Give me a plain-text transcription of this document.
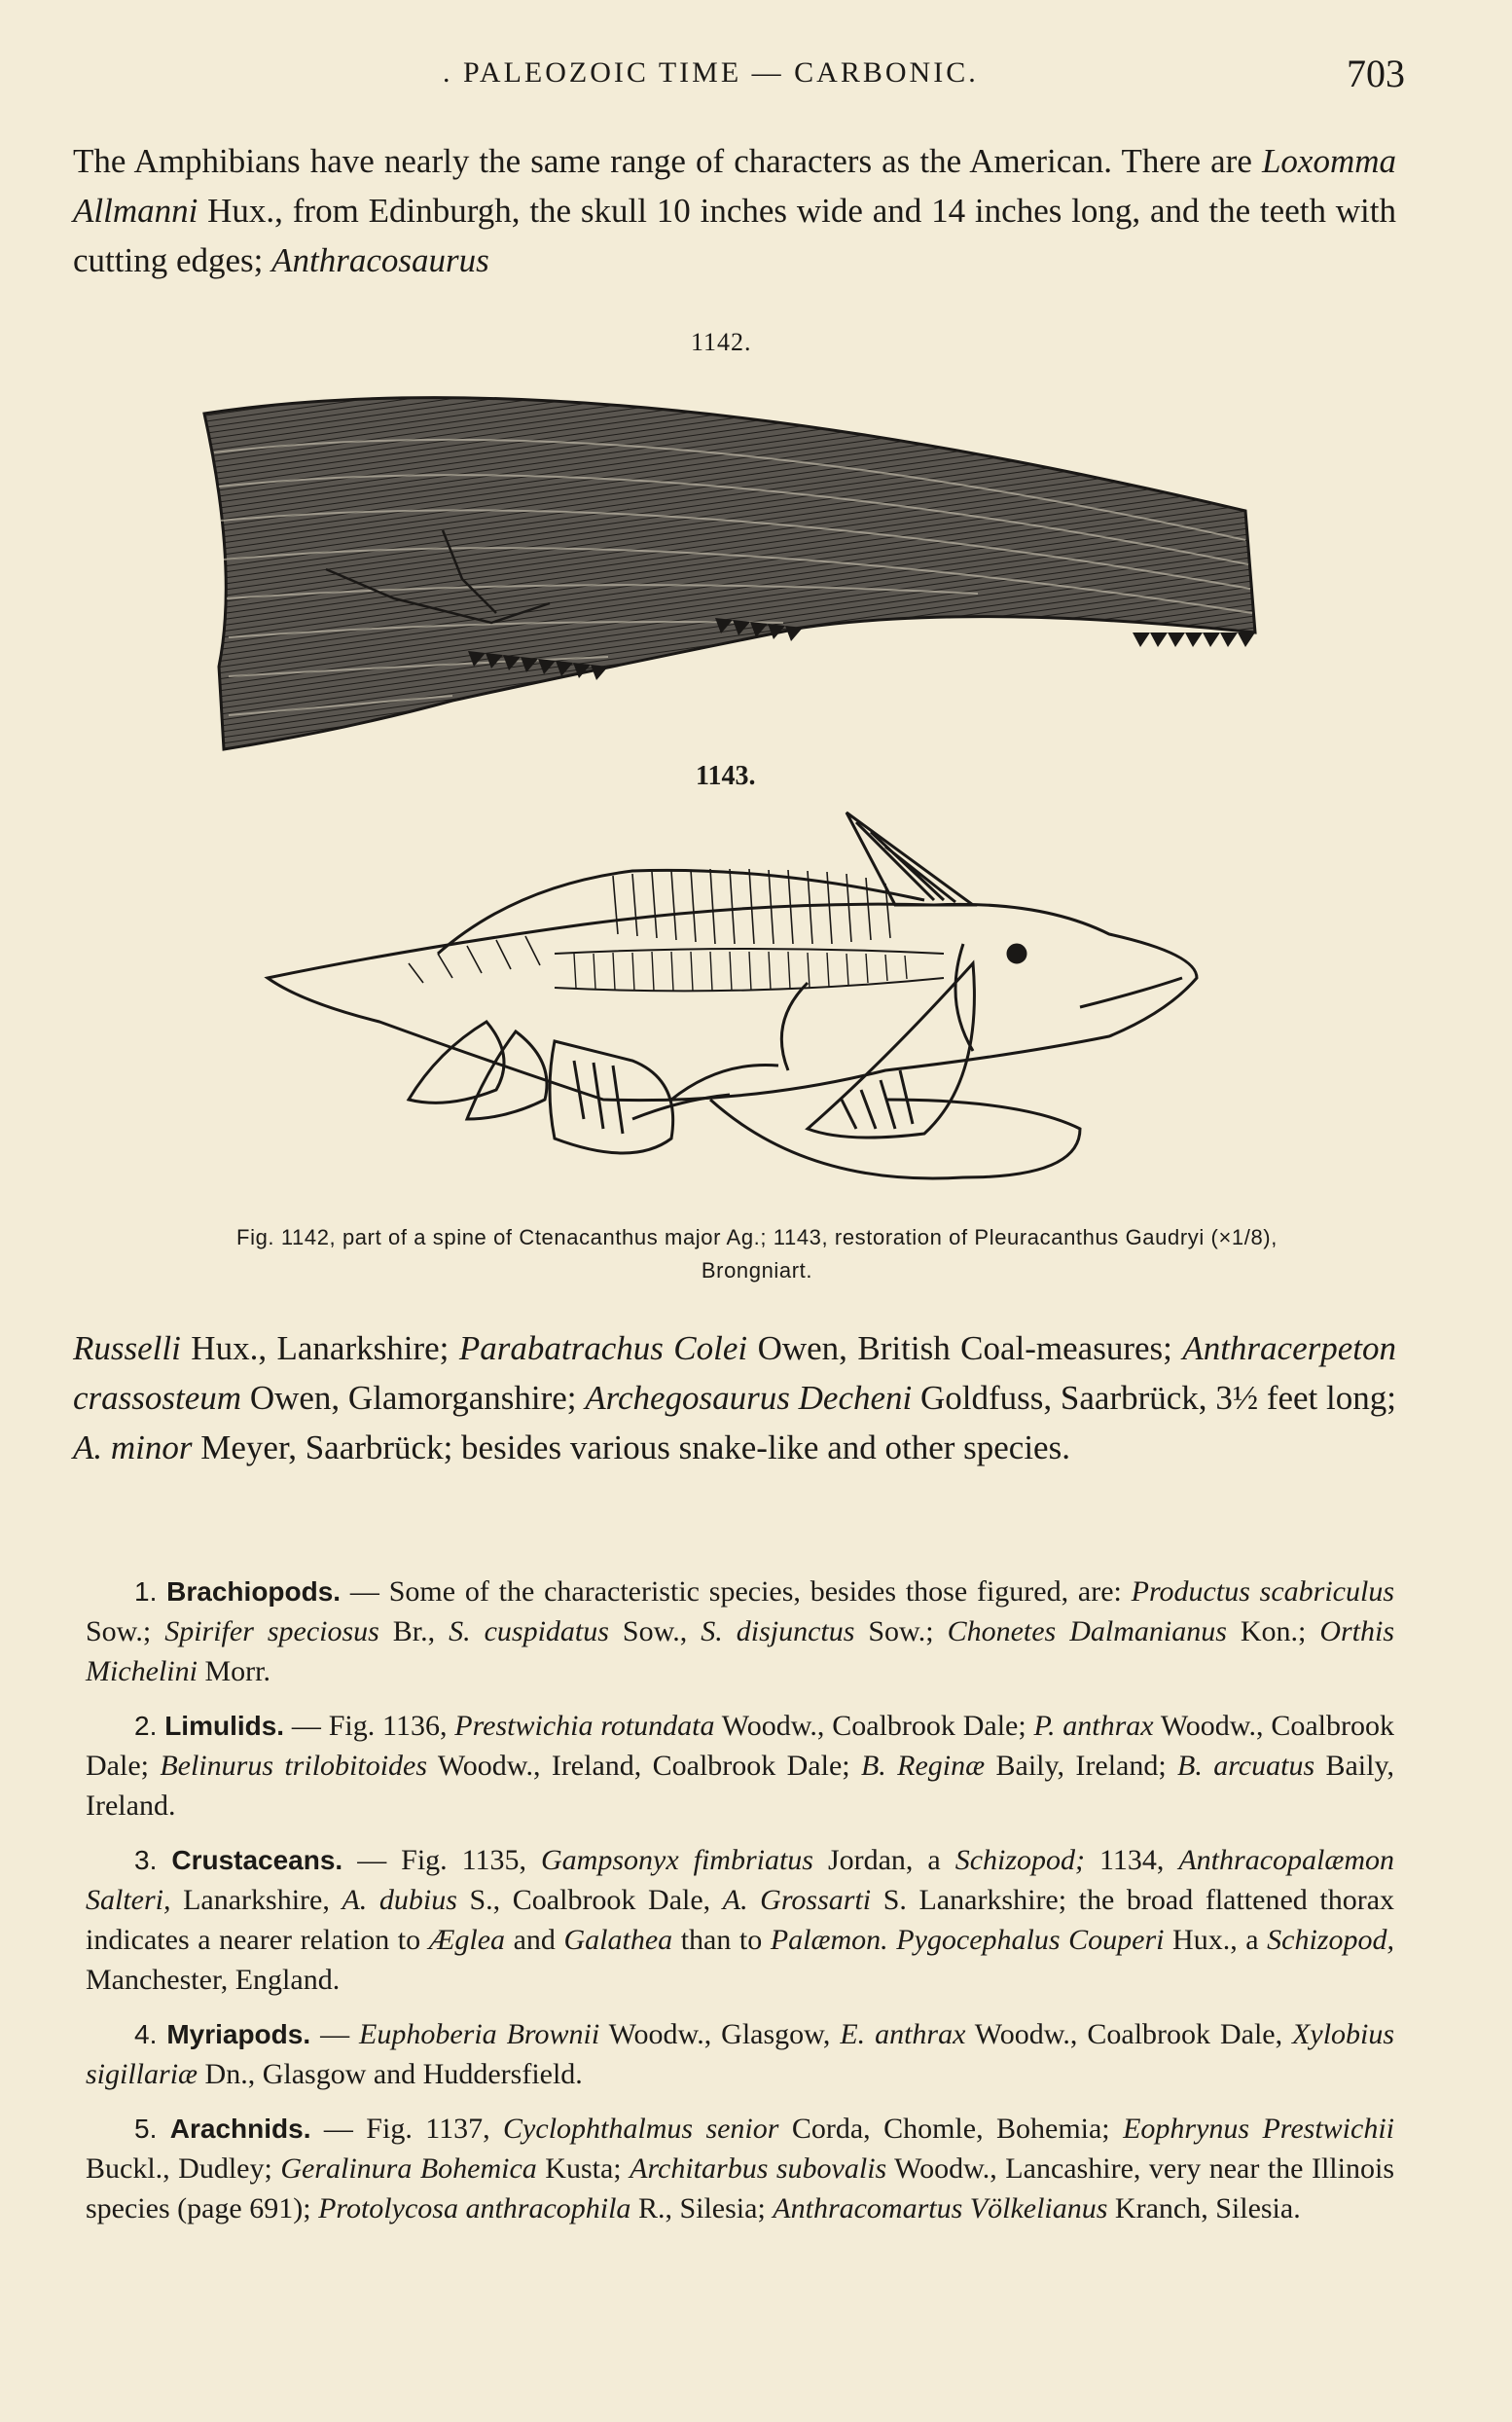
. PALEOZOIC TIME — CARBONIC.	703
The Amphibians have nearly the same range of characters as the American. There are Loxomma Allmanni Hux., from Edinburgh, the skull 10 inches wide and 14 inches long, and the teeth with cutting edges; Anthracosaurus
1142.
1143.
Fig. 1142, part of a spine of Ctenacanthus major Ag.; 1143, restoration of Pleuracanthus Gaudryi (×1/8),
Brongniart.
Russelli Hux., Lanarkshire; Parabatrachus Colei Owen, British Coal-measures; Anthracerpeton crassosteum Owen, Glamorganshire; Archegosaurus Decheni Goldfuss, Saarbrück, 3½ feet long; A. minor Meyer, Saarbrück; besides various snake-like and other species.

1. Brachiopods. — Some of the characteristic species, besides those figured, are: Productus scabriculus Sow.; Spirifer speciosus Br., S. cuspidatus Sow., S. disjunctus Sow.; Chonetes Dalmanianus Kon.; Orthis Michelini Morr.

2. Limulids. — Fig. 1136, Prestwichia rotundata Woodw., Coalbrook Dale; P. anthrax Woodw., Coalbrook Dale; Belinurus trilobitoides Woodw., Ireland, Coalbrook Dale; B. Reginæ Baily, Ireland; B. arcuatus Baily, Ireland.

3. Crustaceans. — Fig. 1135, Gampsonyx fimbriatus Jordan, a Schizopod; 1134, Anthracopalæmon Salteri, Lanarkshire, A. dubius S., Coalbrook Dale, A. Grossarti S. Lanarkshire; the broad flattened thorax indicates a nearer relation to Æglea and Galathea than to Palæmon. Pygocephalus Couperi Hux., a Schizopod, Manchester, England.

4. Myriapods. — Euphoberia Brownii Woodw., Glasgow, E. anthrax Woodw., Coalbrook Dale, Xylobius sigillariæ Dn., Glasgow and Huddersfield.

5. Arachnids. — Fig. 1137, Cyclophthalmus senior Corda, Chomle, Bohemia; Eophrynus Prestwichii Buckl., Dudley; Geralinura Bohemica Kusta; Architarbus subovalis Woodw., Lancashire, very near the Illinois species (page 691); Protolycosa anthracophila R., Silesia; Anthracomartus Völkelianus Kranch, Silesia.
